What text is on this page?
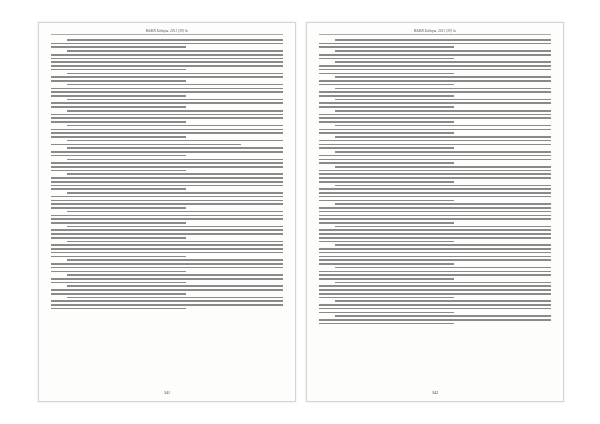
ВАЖВ Хабары. 2011 (39) №
341
ВАЖВ Хабары. 2011 (39) №
342
